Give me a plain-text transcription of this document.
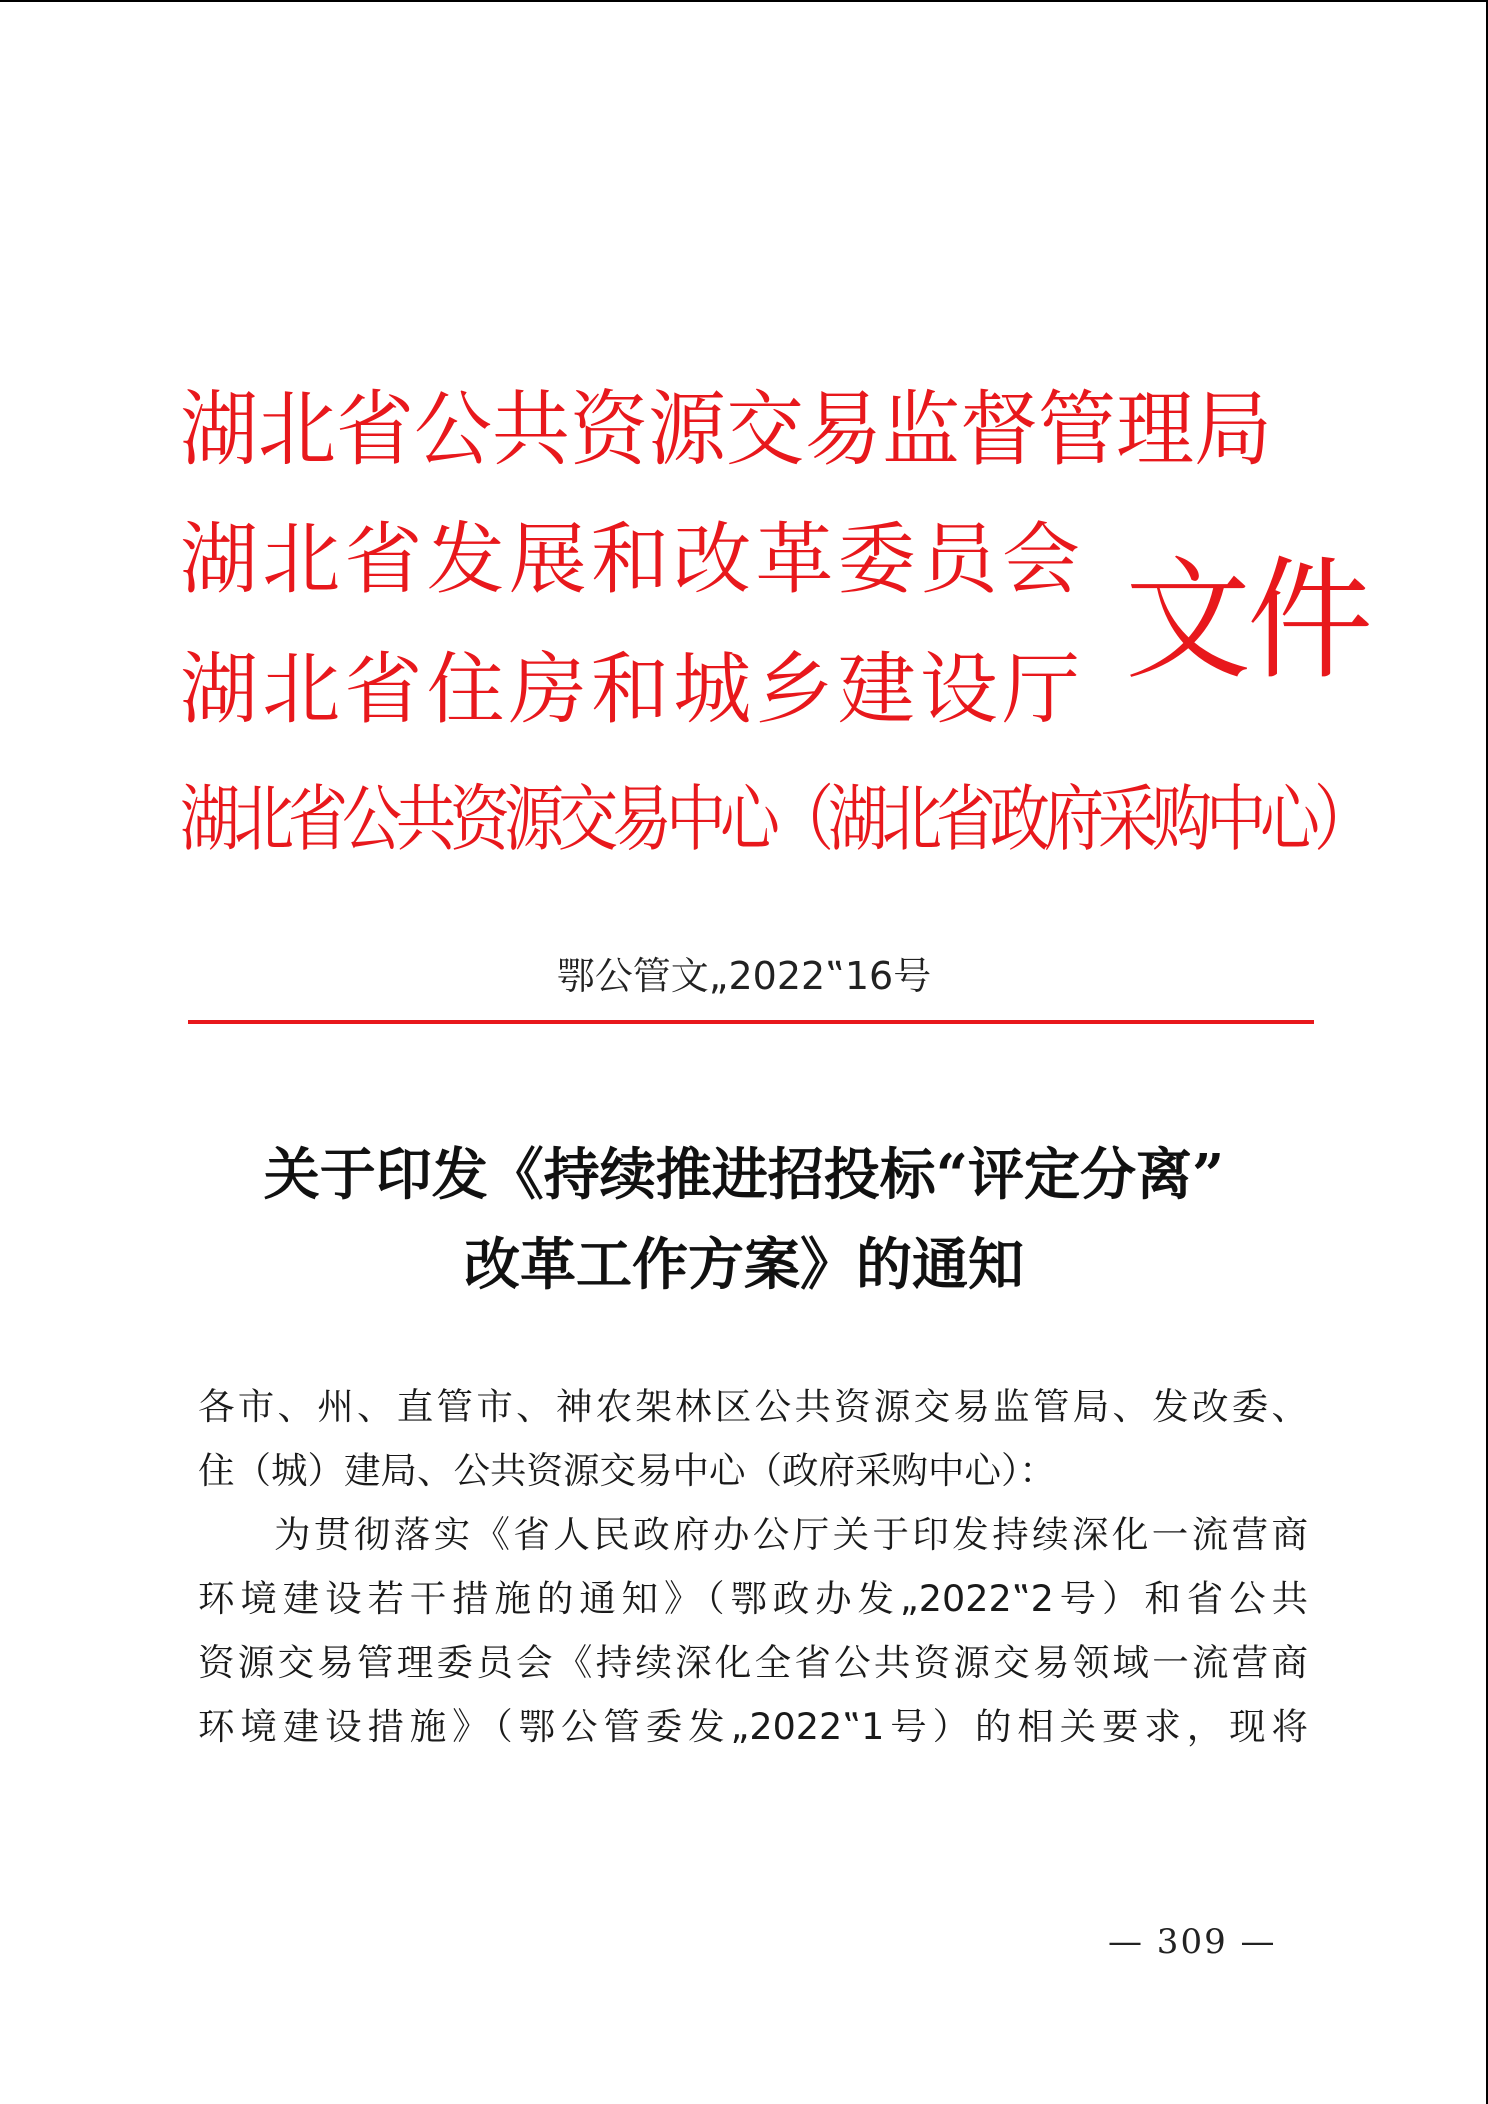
湖北省公共资源交易监督管理局
湖北省发展和改革委员会
湖北省住房和城乡建设厅
湖北省公共资源交易中心（湖北省政府采购中心）
文件
鄂公管文„2022‟16号
关于印发《持续推进招投标“评定分离”
改革工作方案》的通知
各市、州、直管市、神农架林区公共资源交易监管局、发改委、
住（城）建局、公共资源交易中心（政府采购中心）：
为贯彻落实《省人民政府办公厅关于印发持续深化一流营商
环境建设若干措施的通知》（鄂政办发„2022‟2号）和省公共
资源交易管理委员会《持续深化全省公共资源交易领域一流营商
环境建设措施》（鄂公管委发„2022‟1号）的相关要求，现将
— 309 —
